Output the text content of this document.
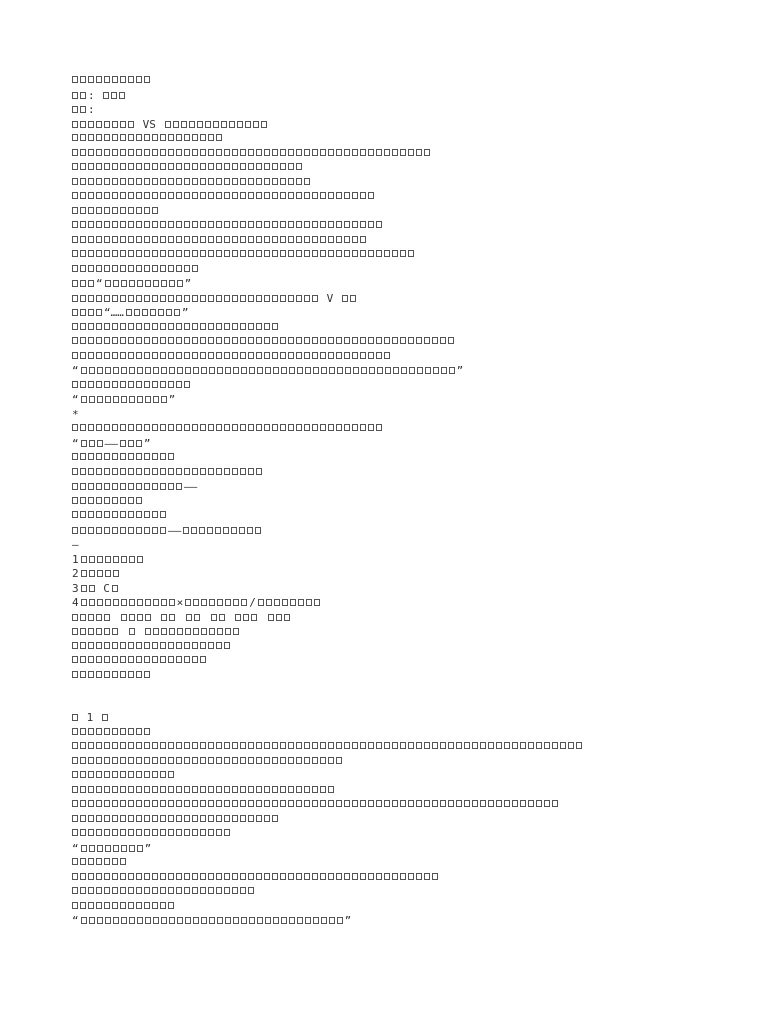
:
:
VS
“	”
V
“……	”
“	”
“	”
*
“ —— ”
——
——
—
1
2
3 C
4	×	/

1
“	”
“	”
